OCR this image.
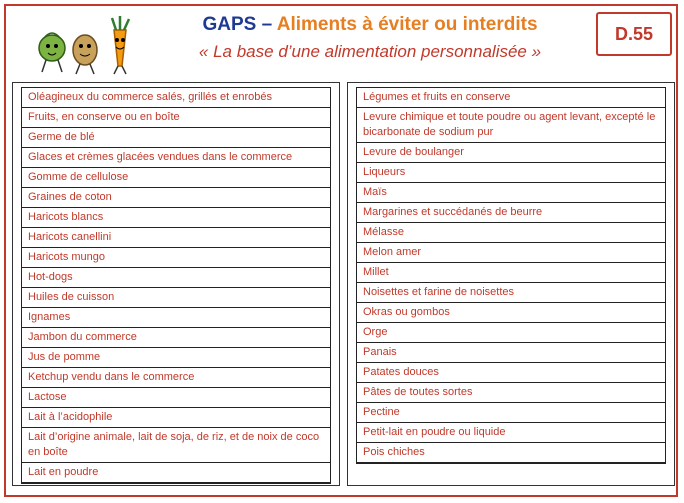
GAPS – Aliments à éviter ou interdits
« La base d’une alimentation personnalisée »
D.55
Oléagineux du commerce salés, grillés et enrobés
Fruits, en conserve ou en boîte
Germe de blé
Glaces et crèmes glacées vendues dans le commerce
Gomme de cellulose
Graines de coton
Haricots blancs
Haricots canellini
Haricots mungo
Hot-dogs
Huiles de cuisson
Ignames
Jambon du commerce
Jus de pomme
Ketchup vendu dans le commerce
Lactose
Lait à l’acidophile
Lait d’origine animale, lait de soja, de riz, et de noix de coco en boîte
Lait en poudre
Légumes et fruits en conserve
Levure chimique et toute poudre ou agent levant, excepté le bicarbonate de sodium pur
Levure de boulanger
Liqueurs
Maïs
Margarines et succédanés de beurre
Mélasse
Melon amer
Millet
Noisettes et farine de noisettes
Okras ou gombos
Orge
Panais
Patates douces
Pâtes de toutes sortes
Pectine
Petit-lait en poudre ou liquide
Pois chiches
